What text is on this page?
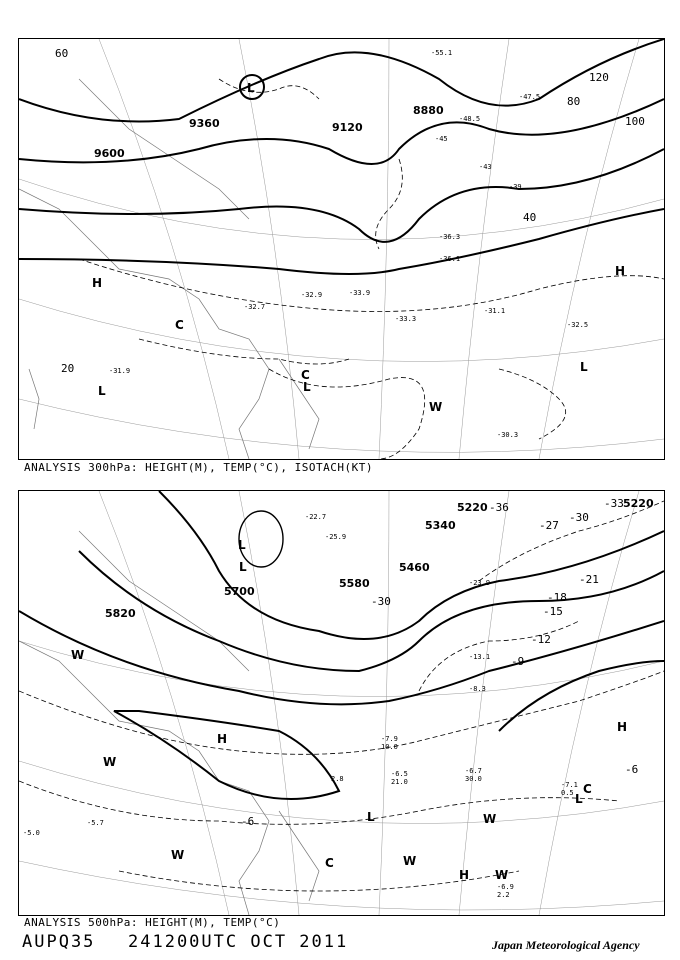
9600
9360	9120
8880
60
40
20
80
100
120
-47.5
-45
-43
-39
-36.3
-36.1
-33.9
-33.3
-32.9
-32.7
-32.5
-31.9
-31.1
-30.3
-55.1
-48.5
H
H
L
L	L
L
C
C
W
ANALYSIS 300hPa: HEIGHT(M), TEMP(°C), ISOTACH(KT)
5220
5340
5460
5580
5700
5820
5220
-36	-33
-30
-27
-21
-18
-15
-12
-9
-6
-6
-30
-25.9
-23.9
-22.7
-13.1
-8.3
-7.9
-6.9
-6.7
-6.5
-7.1
-5.7
-5.0
0.5
2.2
2.8
10.0
21.0	30.0
L
L
L
L
H
H
H
C
C
W
W
W	W
W
W
ANALYSIS 500hPa: HEIGHT(M), TEMP(°C)
AUPQ35 241200UTC OCT 2011	Japan Meteorological Agency
